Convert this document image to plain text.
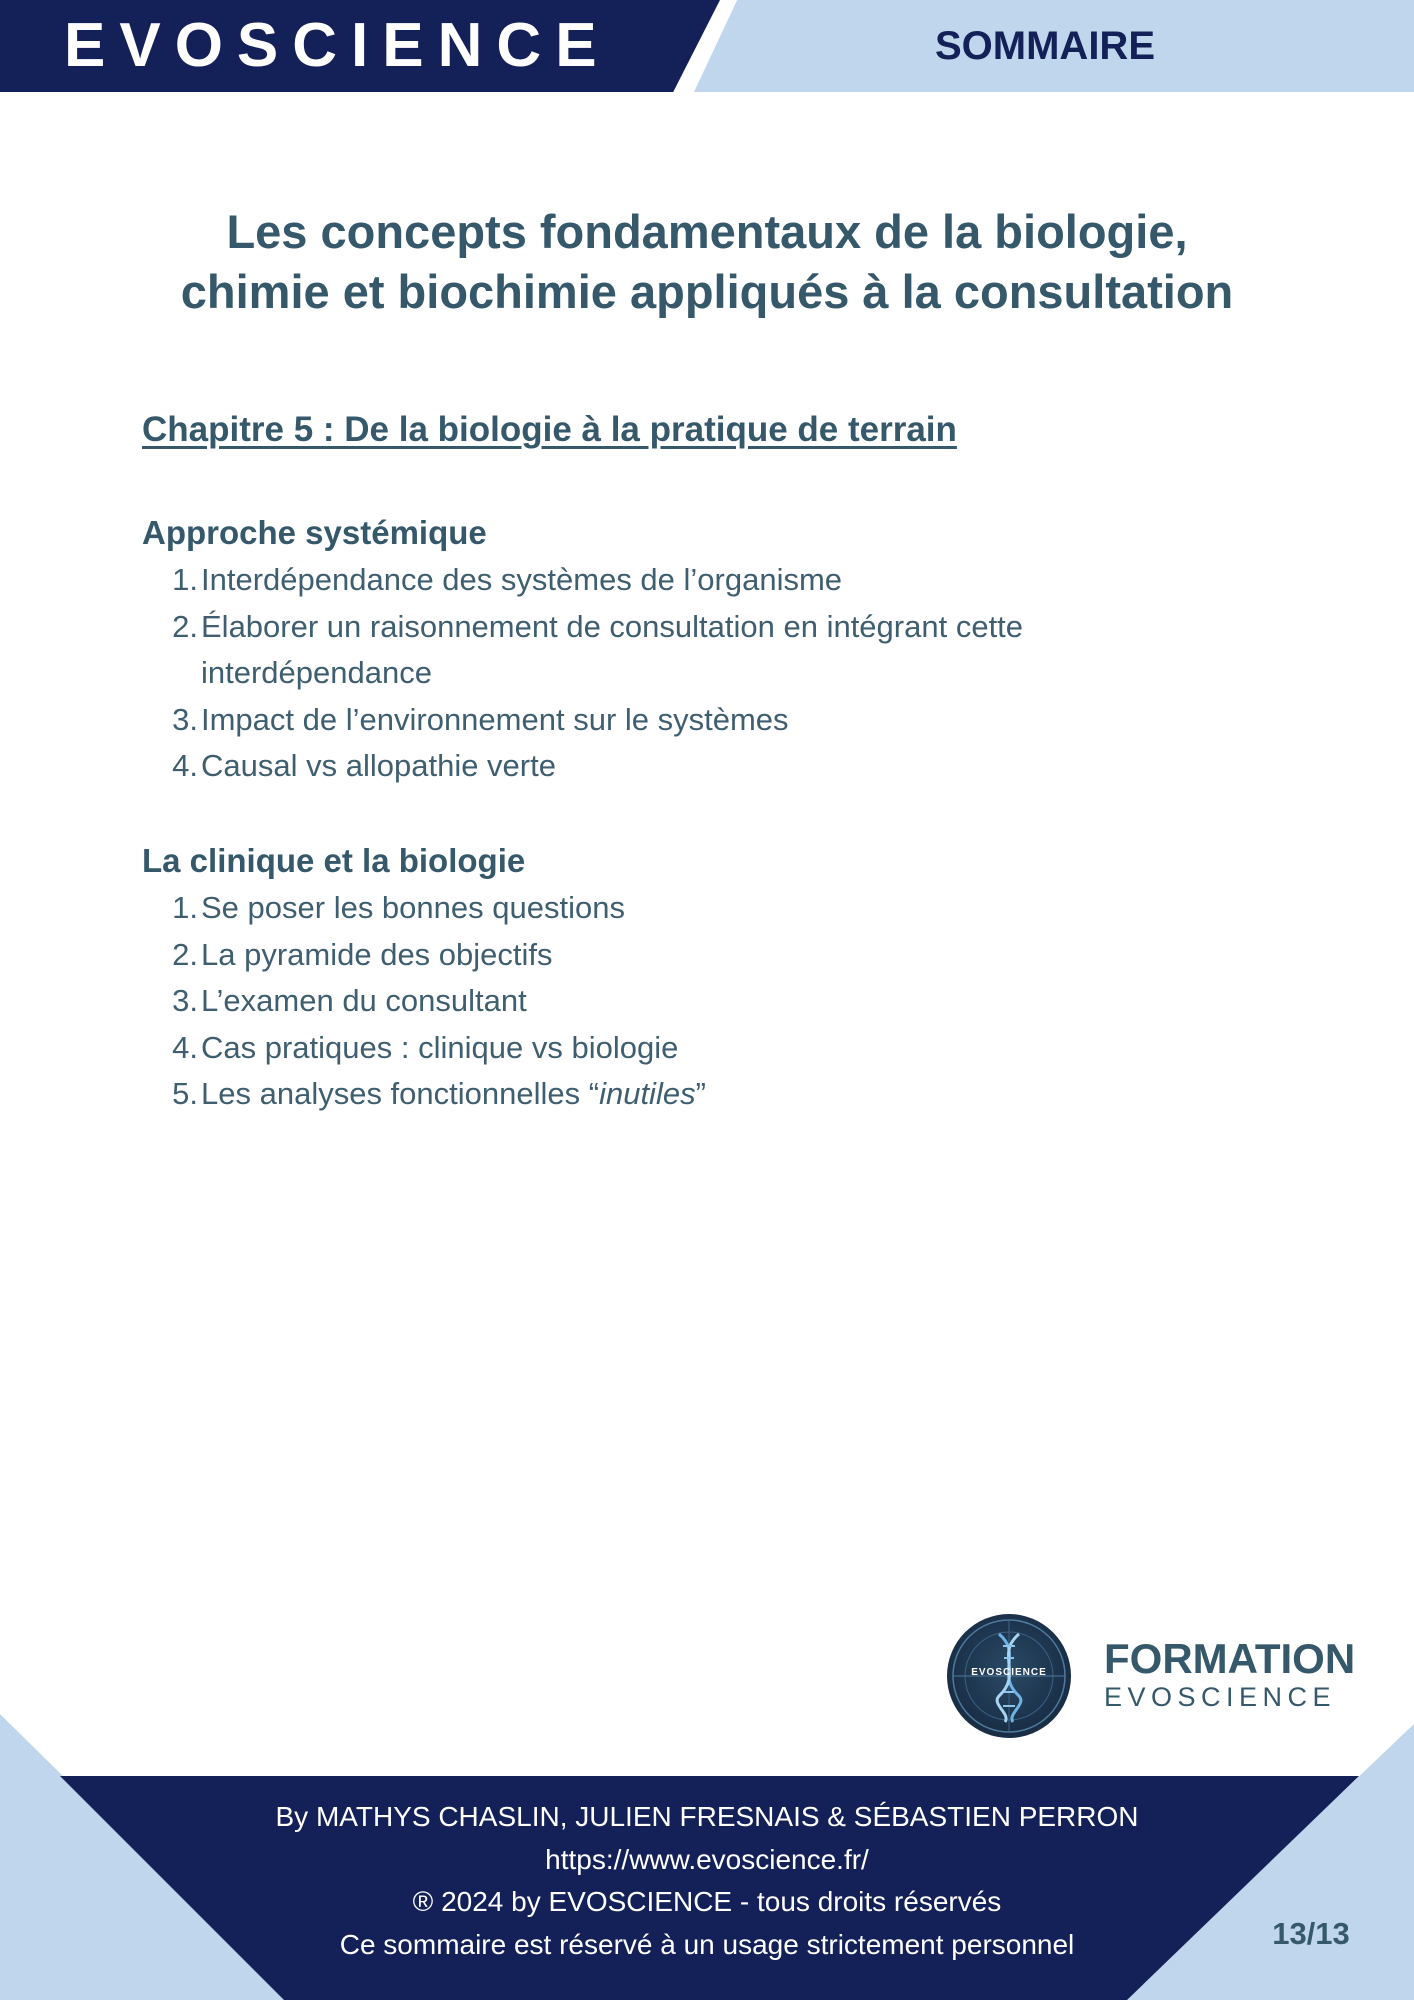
EVOSCIENCE	SOMMAIRE
Les concepts fondamentaux de la biologie,
chimie et biochimie appliqués à la consultation
Chapitre 5 : De la biologie à la pratique de terrain
Approche systémique
1. Interdépendance des systèmes de l’organisme
2. Élaborer un raisonnement de consultation en intégrant cette interdépendance
3. Impact de l’environnement sur le systèmes
4. Causal vs allopathie verte
La clinique et la biologie
1. Se poser les bonnes questions
2. La pyramide des objectifs
3. L’examen du consultant
4. Cas pratiques : clinique vs biologie
5. Les analyses fonctionnelles “inutiles”
EVOSCIENCE	FORMATION
EVOSCIENCE
By MATHYS CHASLIN, JULIEN FRESNAIS & SÉBASTIEN PERRON
https://www.evoscience.fr/
® 2024 by EVOSCIENCE - tous droits réservés
Ce sommaire est réservé à un usage strictement personnel	13/13
